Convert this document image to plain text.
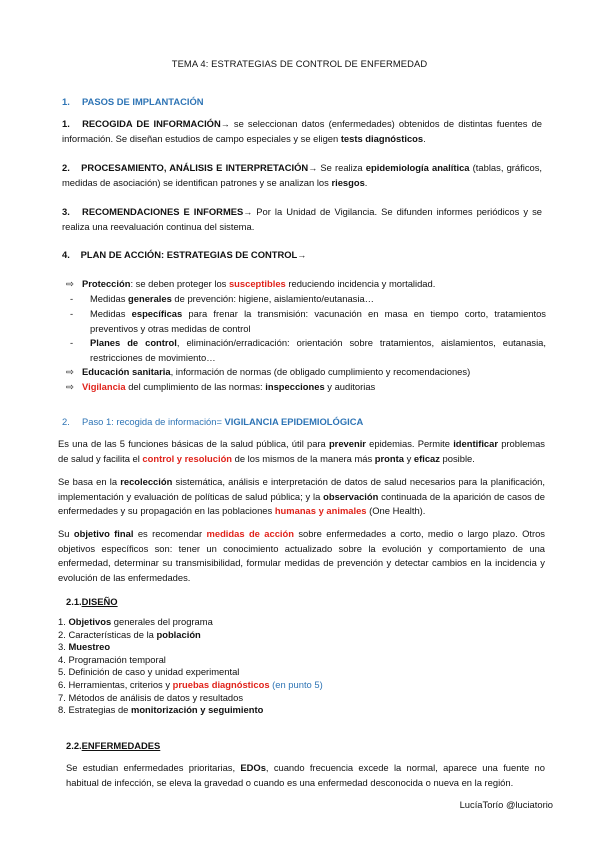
TEMA 4: ESTRATEGIAS DE CONTROL DE ENFERMEDAD
1. PASOS DE IMPLANTACIÓN
1. RECOGIDA DE INFORMACIÓN→ se seleccionan datos (enfermedades) obtenidos de distintas fuentes de información. Se diseñan estudios de campo especiales y se eligen tests diagnósticos.
2. PROCESAMIENTO, ANÁLISIS E INTERPRETACIÓN→ Se realiza epidemiología analítica (tablas, gráficos, medidas de asociación) se identifican patrones y se analizan los riesgos.
3. RECOMENDACIONES E INFORMES→ Por la Unidad de Vigilancia. Se difunden informes periódicos y se realiza una reevaluación continua del sistema.
4. PLAN DE ACCIÓN: ESTRATEGIAS DE CONTROL→
⇨ Protección: se deben proteger los susceptibles reduciendo incidencia y mortalidad.
- Medidas generales de prevención: higiene, aislamiento/eutanasia…
-	Medidas específicas para frenar la transmisión: vacunación en masa en tiempo corto, tratamientos preventivos y otras medidas de control
-	Planes de control, eliminación/erradicación: orientación sobre tratamientos, aislamientos, eutanasia, restricciones de movimiento…
⇨ Educación sanitaria, información de normas (de obligado cumplimiento y recomendaciones)
⇨ Vigilancia del cumplimiento de las normas: inspecciones y auditorias
2. Paso 1: recogida de información= VIGILANCIA EPIDEMIOLÓGICA
Es una de las 5 funciones básicas de la salud pública, útil para prevenir epidemias. Permite identificar problemas de salud y facilita el control y resolución de los mismos de la manera más pronta y eficaz posible.
Se basa en la recolección sistemática, análisis e interpretación de datos de salud necesarios para la planificación, implementación y evaluación de políticas de salud pública; y la observación continuada de la aparición de casos de enfermedades y su propagación en las poblaciones humanas y animales (One Health).
Su objetivo final es recomendar medidas de acción sobre enfermedades a corto, medio o largo plazo. Otros objetivos específicos son: tener un conocimiento actualizado sobre la evolución y comportamiento de una enfermedad, determinar su transmisibilidad, formular medidas de prevención y detectar cambios en la incidencia y evolución de las enfermedades.
2.1.DISEÑO
1. Objetivos generales del programa
2. Características de la población
3. Muestreo
4. Programación temporal
5. Definición de caso y unidad experimental
6. Herramientas, criterios y pruebas diagnósticos (en punto 5)
7. Métodos de análisis de datos y resultados
8. Estrategias de monitorización y seguimiento
2.2.ENFERMEDADES
Se estudian enfermedades prioritarias, EDOs, cuando frecuencia excede la normal, aparece una fuente no habitual de infección, se eleva la gravedad o cuando es una enfermedad desconocida o nueva en la región.
LucíaTorío @luciatorio
